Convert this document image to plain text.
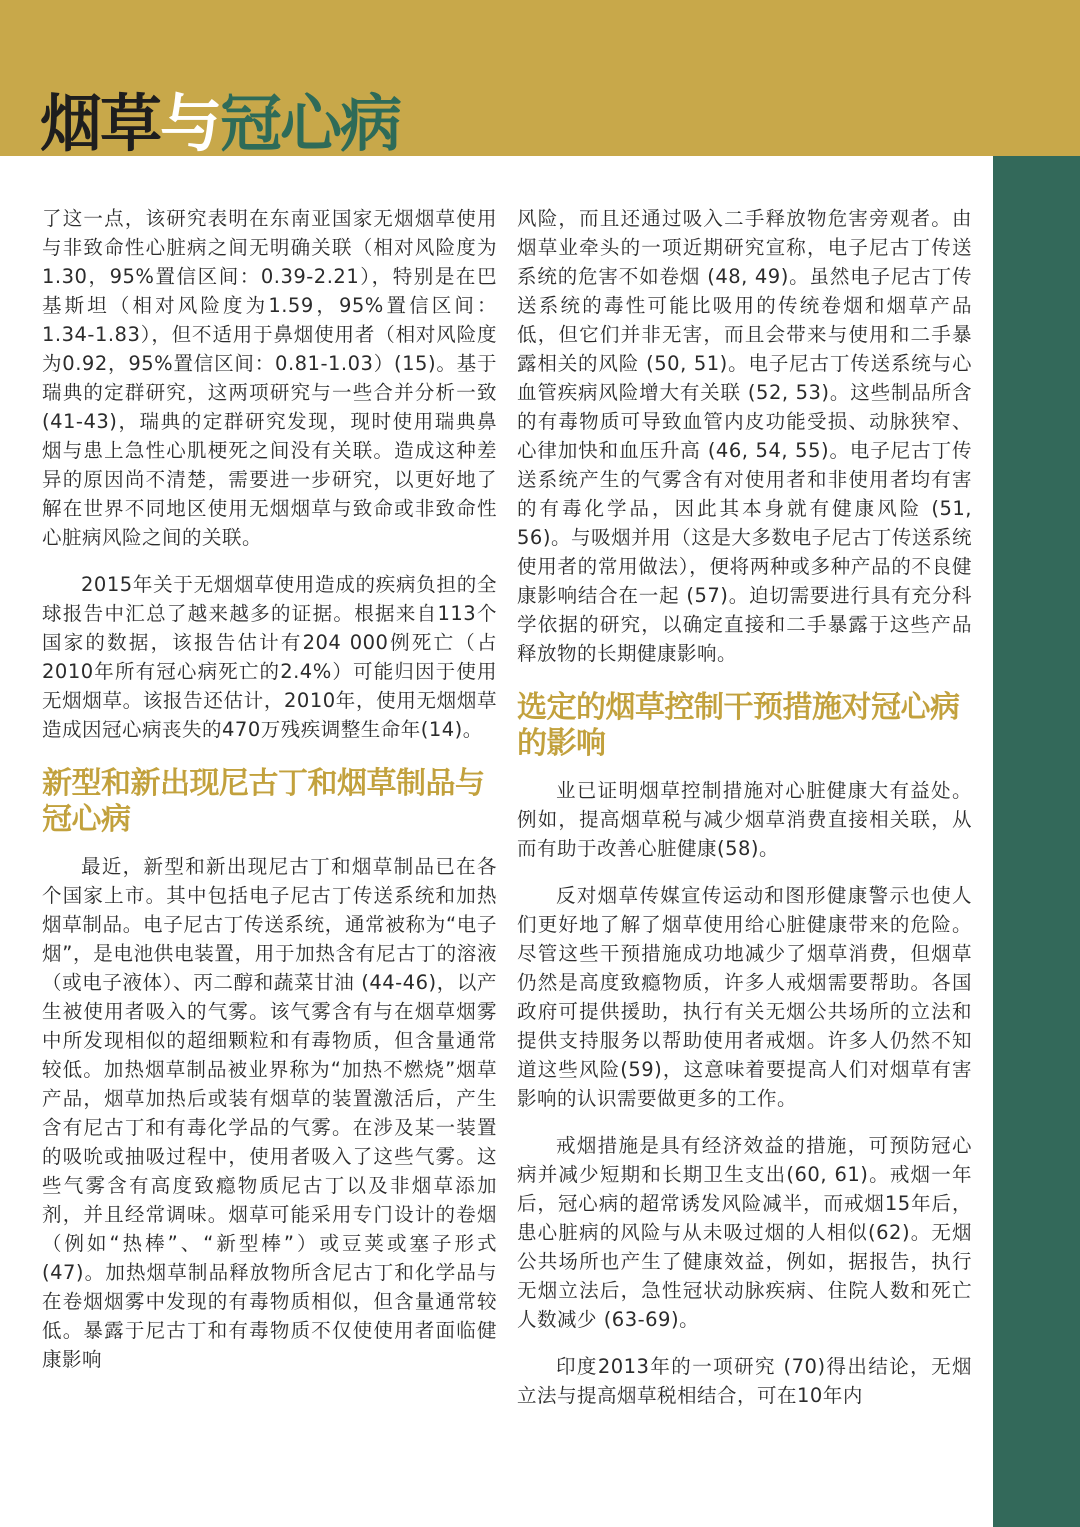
烟草与冠心病

了这一点，该研究表明在东南亚国家无烟烟草使用与非致命性心脏病之间无明确关联（相对风险度为1.30，95%置信区间：0.39-2.21），特别是在巴基斯坦（相对风险度为1.59，95%置信区间：1.34-1.83），但不适用于鼻烟使用者（相对风险度为0.92，95%置信区间：0.81-1.03）(15)。基于瑞典的定群研究，这两项研究与一些合并分析一致(41-43)，瑞典的定群研究发现，现时使用瑞典鼻烟与患上急性心肌梗死之间没有关联。造成这种差异的原因尚不清楚，需要进一步研究，以更好地了解在世界不同地区使用无烟烟草与致命或非致命性心脏病风险之间的关联。

2015年关于无烟烟草使用造成的疾病负担的全球报告中汇总了越来越多的证据。根据来自113个国家的数据，该报告估计有204 000例死亡（占2010年所有冠心病死亡的2.4%）可能归因于使用无烟烟草。该报告还估计，2010年，使用无烟烟草造成因冠心病丧失的470万残疾调整生命年(14)。

新型和新出现尼古丁和烟草制品与冠心病

最近，新型和新出现尼古丁和烟草制品已在各个国家上市。其中包括电子尼古丁传送系统和加热烟草制品。电子尼古丁传送系统，通常被称为“电子烟”，是电池供电装置，用于加热含有尼古丁的溶液（或电子液体）、丙二醇和蔬菜甘油 (44-46)，以产生被使用者吸入的气雾。该气雾含有与在烟草烟雾中所发现相似的超细颗粒和有毒物质，但含量通常较低。加热烟草制品被业界称为“加热不燃烧”烟草产品，烟草加热后或装有烟草的装置激活后，产生含有尼古丁和有毒化学品的气雾。在涉及某一装置的吸吮或抽吸过程中，使用者吸入了这些气雾。这些气雾含有高度致瘾物质尼古丁以及非烟草添加剂，并且经常调味。烟草可能采用专门设计的卷烟（例如“热棒”、“新型棒”）或豆荚或塞子形式(47)。加热烟草制品释放物所含尼古丁和化学品与在卷烟烟雾中发现的有毒物质相似，但含量通常较低。暴露于尼古丁和有毒物质不仅使使用者面临健康影响

风险，而且还通过吸入二手释放物危害旁观者。由烟草业牵头的一项近期研究宣称，电子尼古丁传送系统的危害不如卷烟 (48, 49)。虽然电子尼古丁传送系统的毒性可能比吸用的传统卷烟和烟草产品低，但它们并非无害，而且会带来与使用和二手暴露相关的风险 (50, 51)。电子尼古丁传送系统与心血管疾病风险增大有关联 (52, 53)。这些制品所含的有毒物质可导致血管内皮功能受损、动脉狭窄、心律加快和血压升高 (46, 54, 55)。电子尼古丁传送系统产生的气雾含有对使用者和非使用者均有害的有毒化学品，因此其本身就有健康风险 (51, 56)。与吸烟并用（这是大多数电子尼古丁传送系统使用者的常用做法），便将两种或多种产品的不良健康影响结合在一起 (57)。迫切需要进行具有充分科学依据的研究，以确定直接和二手暴露于这些产品释放物的长期健康影响。

选定的烟草控制干预措施对冠心病的影响

业已证明烟草控制措施对心脏健康大有益处。例如，提高烟草税与减少烟草消费直接相关联，从而有助于改善心脏健康(58)。

反对烟草传媒宣传运动和图形健康警示也使人们更好地了解了烟草使用给心脏健康带来的危险。尽管这些干预措施成功地减少了烟草消费，但烟草仍然是高度致瘾物质，许多人戒烟需要帮助。各国政府可提供援助，执行有关无烟公共场所的立法和提供支持服务以帮助使用者戒烟。许多人仍然不知道这些风险(59)，这意味着要提高人们对烟草有害影响的认识需要做更多的工作。

戒烟措施是具有经济效益的措施，可预防冠心病并减少短期和长期卫生支出(60, 61)。戒烟一年后，冠心病的超常诱发风险减半，而戒烟15年后，患心脏病的风险与从未吸过烟的人相似(62)。无烟公共场所也产生了健康效益，例如，据报告，执行无烟立法后，急性冠状动脉疾病、住院人数和死亡人数减少 (63-69)。

印度2013年的一项研究 (70)得出结论，无烟立法与提高烟草税相结合，可在10年内
